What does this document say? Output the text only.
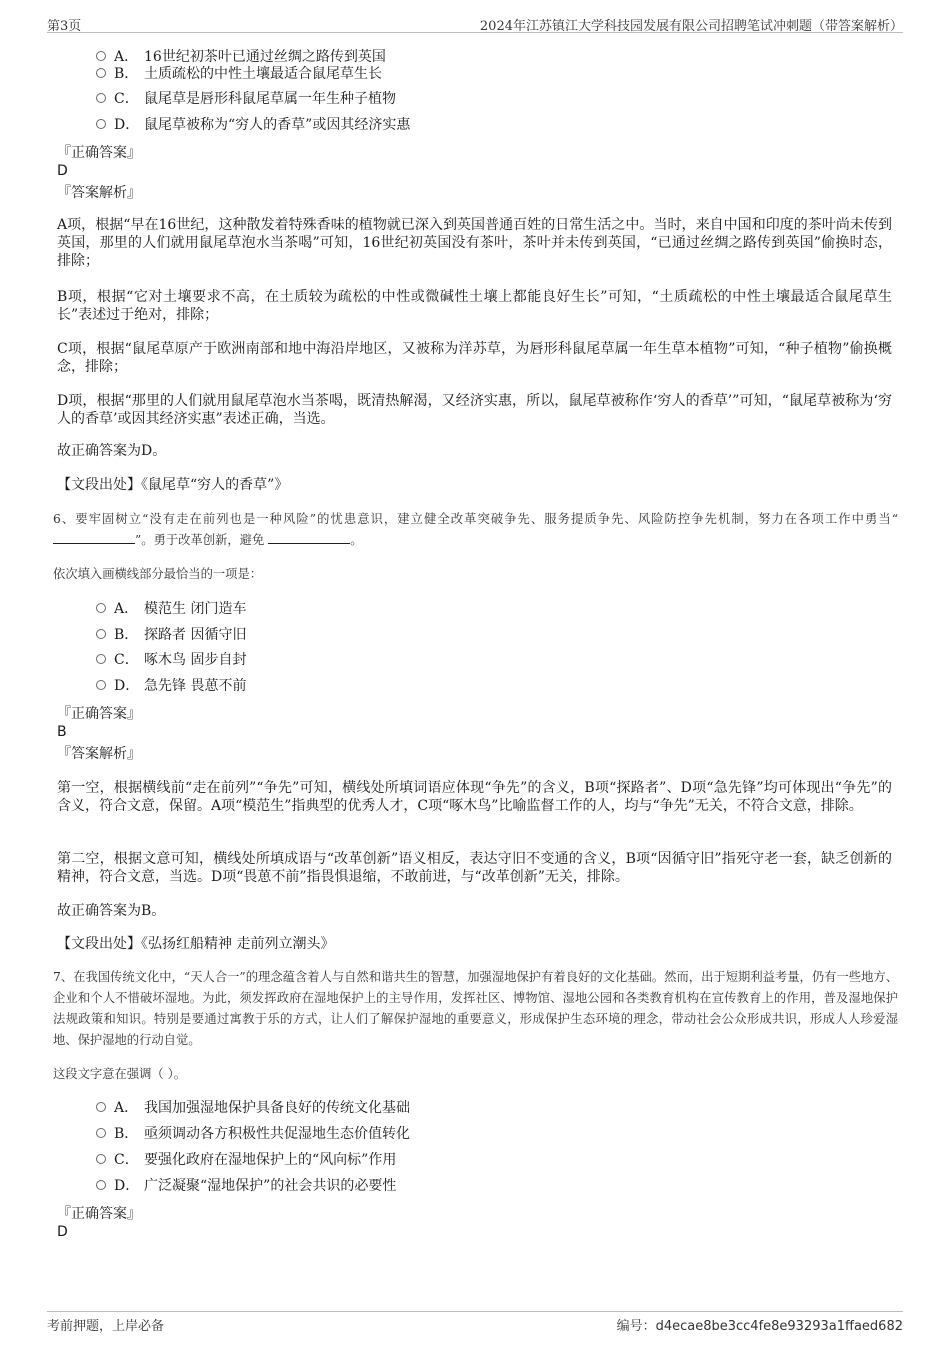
第3页	2024年江苏镇江大学科技园发展有限公司招聘笔试冲刺题（带答案解析）
A． 16世纪初茶叶已通过丝绸之路传到英国
B． 土质疏松的中性土壤最适合鼠尾草生长
C． 鼠尾草是唇形科鼠尾草属一年生种子植物
D． 鼠尾草被称为“穷人的香草”或因其经济实惠
『正确答案』
D
『答案解析』
A项，根据“早在16世纪，这种散发着特殊香味的植物就已深入到英国普通百姓的日常生活之中。当时，来自中国和印度的茶叶尚未传到英国，那里的人们就用鼠尾草泡水当茶喝”可知，16世纪初英国没有茶叶，茶叶并未传到英国，“已通过丝绸之路传到英国”偷换时态，排除；
B项，根据“它对土壤要求不高，在土质较为疏松的中性或微碱性土壤上都能良好生长”可知，“土质疏松的中性土壤最适合鼠尾草生长”表述过于绝对，排除；
C项，根据“鼠尾草原产于欧洲南部和地中海沿岸地区，又被称为洋苏草，为唇形科鼠尾草属一年生草本植物”可知，“种子植物”偷换概念，排除；
D项，根据“那里的人们就用鼠尾草泡水当茶喝，既清热解渴，又经济实惠，所以，鼠尾草被称作‘穷人的香草’”可知，“鼠尾草被称为‘穷人的香草’或因其经济实惠”表述正确，当选。
故正确答案为D。
【文段出处】《鼠尾草“穷人的香草”》
6、要牢固树立“没有走在前列也是一种风险”的忧患意识，建立健全改革突破争先、服务提质争先、风险防控争先机制，努力在各项工作中勇当“”。勇于改革创新，避免	。
依次填入画横线部分最恰当的一项是：
A． 模范生 闭门造车
B． 探路者 因循守旧
C． 啄木鸟 固步自封
D． 急先锋 畏葸不前
『正确答案』
B
『答案解析』
第一空，根据横线前“走在前列”“争先”可知，横线处所填词语应体现“争先”的含义，B项“探路者”、D项“急先锋”均可体现出“争先”的含义，符合文意，保留。A项“模范生”指典型的优秀人才，C项“啄木鸟”比喻监督工作的人，均与“争先”无关，不符合文意，排除。
第二空，根据文意可知，横线处所填成语与“改革创新”语义相反，表达守旧不变通的含义，B项“因循守旧”指死守老一套，缺乏创新的精神，符合文意，当选。D项“畏葸不前”指畏惧退缩，不敢前进，与“改革创新”无关，排除。
故正确答案为B。
【文段出处】《弘扬红船精神 走前列立潮头》
7、在我国传统文化中，“天人合一”的理念蕴含着人与自然和谐共生的智慧，加强湿地保护有着良好的文化基础。然而，出于短期利益考量，仍有一些地方、企业和个人不惜破坏湿地。为此，须发挥政府在湿地保护上的主导作用，发挥社区、博物馆、湿地公园和各类教育机构在宣传教育上的作用，普及湿地保护法规政策和知识。特别是要通过寓教于乐的方式，让人们了解保护湿地的重要意义，形成保护生态环境的理念，带动社会公众形成共识，形成人人珍爱湿地、保护湿地的行动自觉。
这段文字意在强调（ ）。
A． 我国加强湿地保护具备良好的传统文化基础
B． 亟须调动各方积极性共促湿地生态价值转化
C． 要强化政府在湿地保护上的“风向标”作用
D． 广泛凝聚“湿地保护”的社会共识的必要性
『正确答案』
D
考前押题，上岸必备	编号：d4ecae8be3cc4fe8e93293a1ffaed682
